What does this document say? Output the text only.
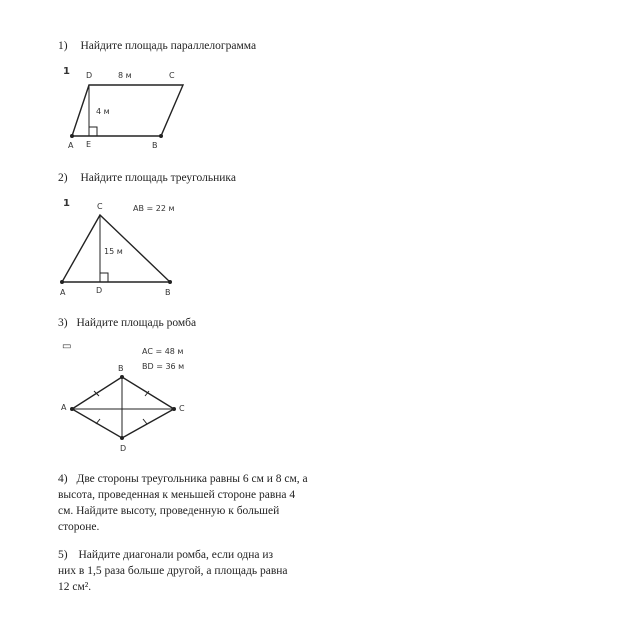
1) Найдите площадь параллелограмма
1 D	8 м	C
4 м
A E	B
2) Найдите площадь треугольника
1	C	AB = 22 м
15 м
A	D	B
3) Найдите площадь ромба
▭	AC = 48 м
BD = 36 м
B
A	C
D
4) Две стороны треугольника равны 6 см и 8 см, а
высота, проведенная к меньшей стороне равна 4
см. Найдите высоту, проведенную к большей
стороне.
5) Найдите диагонали ромба, если одна из
них в 1,5 раза больше другой, а площадь равна
12 см².
